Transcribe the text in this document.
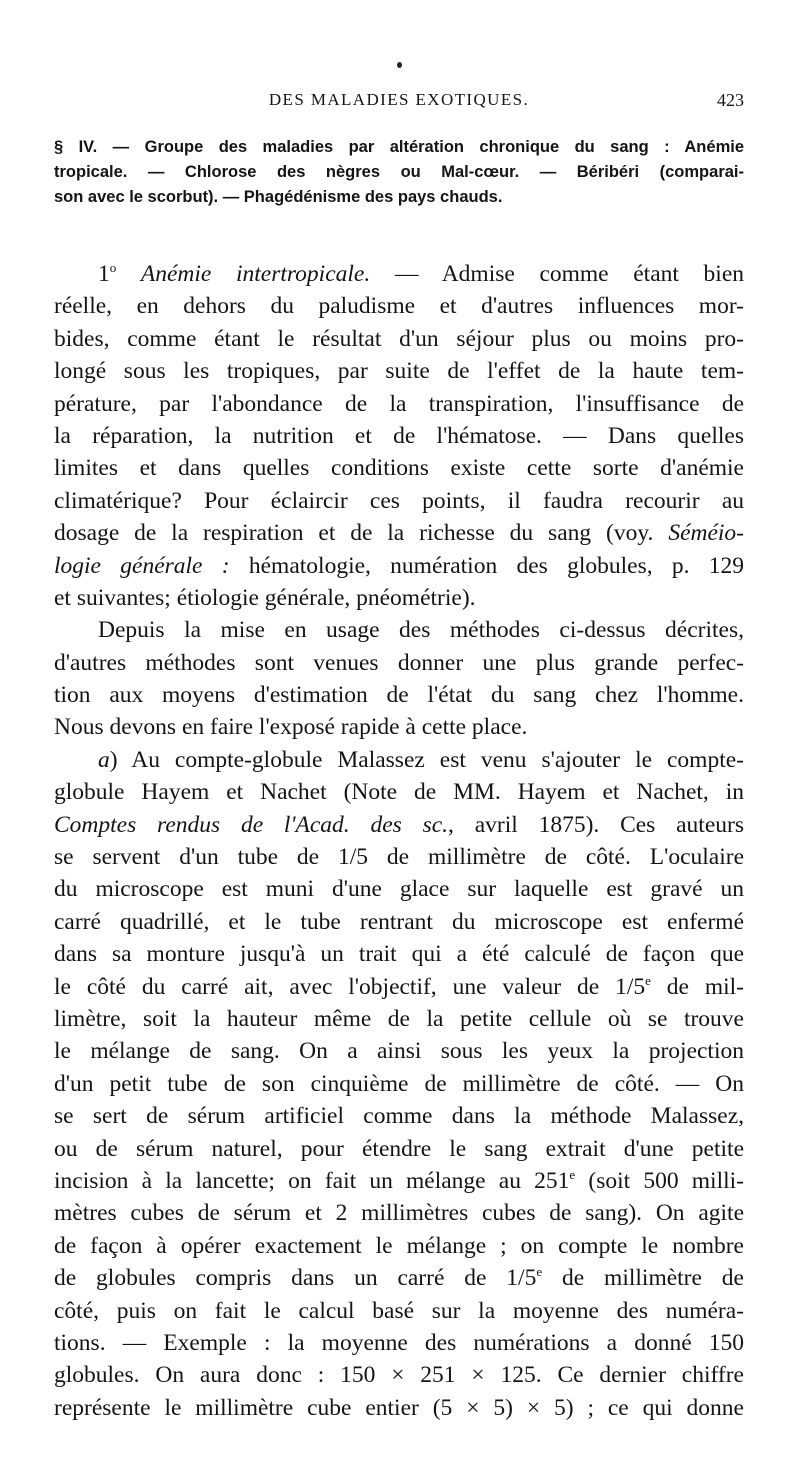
DES MALADIES EXOTIQUES.	423
§ IV. — Groupe des maladies par altération chronique du sang : Anémie
tropicale. — Chlorose des nègres ou Mal-cœur. — Béribéri (comparai-
son avec le scorbut). — Phagédénisme des pays chauds.
1$^o$ Anémie intertropicale. — Admise comme étant bien
réelle, en dehors du paludisme et d'autres influences mor-
bides, comme étant le résultat d'un séjour plus ou moins pro-
longé sous les tropiques, par suite de l'effet de la haute tem-
pérature, par l'abondance de la transpiration, l'insuffisance de
la réparation, la nutrition et de l'hématose. — Dans quelles
limites et dans quelles conditions existe cette sorte d'anémie
climatérique? Pour éclaircir ces points, il faudra recourir au
dosage de la respiration et de la richesse du sang (voy. Séméio-
logie générale : hématologie, numération des globules, p. 129
et suivantes; étiologie générale, pnéométrie).
Depuis la mise en usage des méthodes ci-dessus décrites,
d'autres méthodes sont venues donner une plus grande perfec-
tion aux moyens d'estimation de l'état du sang chez l'homme.
Nous devons en faire l'exposé rapide à cette place.
a) Au compte-globule Malassez est venu s'ajouter le compte-
globule Hayem et Nachet (Note de MM. Hayem et Nachet, in
Comptes rendus de l'Acad. des sc., avril 1875). Ces auteurs
se servent d'un tube de 1/5 de millimètre de côté. L'oculaire
du microscope est muni d'une glace sur laquelle est gravé un
carré quadrillé, et le tube rentrant du microscope est enfermé
dans sa monture jusqu'à un trait qui a été calculé de façon que
le côté du carré ait, avec l'objectif, une valeur de 1/5e de mil-
limètre, soit la hauteur même de la petite cellule où se trouve
le mélange de sang. On a ainsi sous les yeux la projection
d'un petit tube de son cinquième de millimètre de côté. — On
se sert de sérum artificiel comme dans la méthode Malassez,
ou de sérum naturel, pour étendre le sang extrait d'une petite
incision à la lancette; on fait un mélange au 251e (soit 500 milli-
mètres cubes de sérum et 2 millimètres cubes de sang). On agite
de façon à opérer exactement le mélange ; on compte le nombre
de globules compris dans un carré de 1/5e de millimètre de
côté, puis on fait le calcul basé sur la moyenne des numéra-
tions. — Exemple : la moyenne des numérations a donné 150
globules. On aura donc : 150 × 251 × 125. Ce dernier chiffre
représente le millimètre cube entier (5 × 5) × 5) ; ce qui donne
